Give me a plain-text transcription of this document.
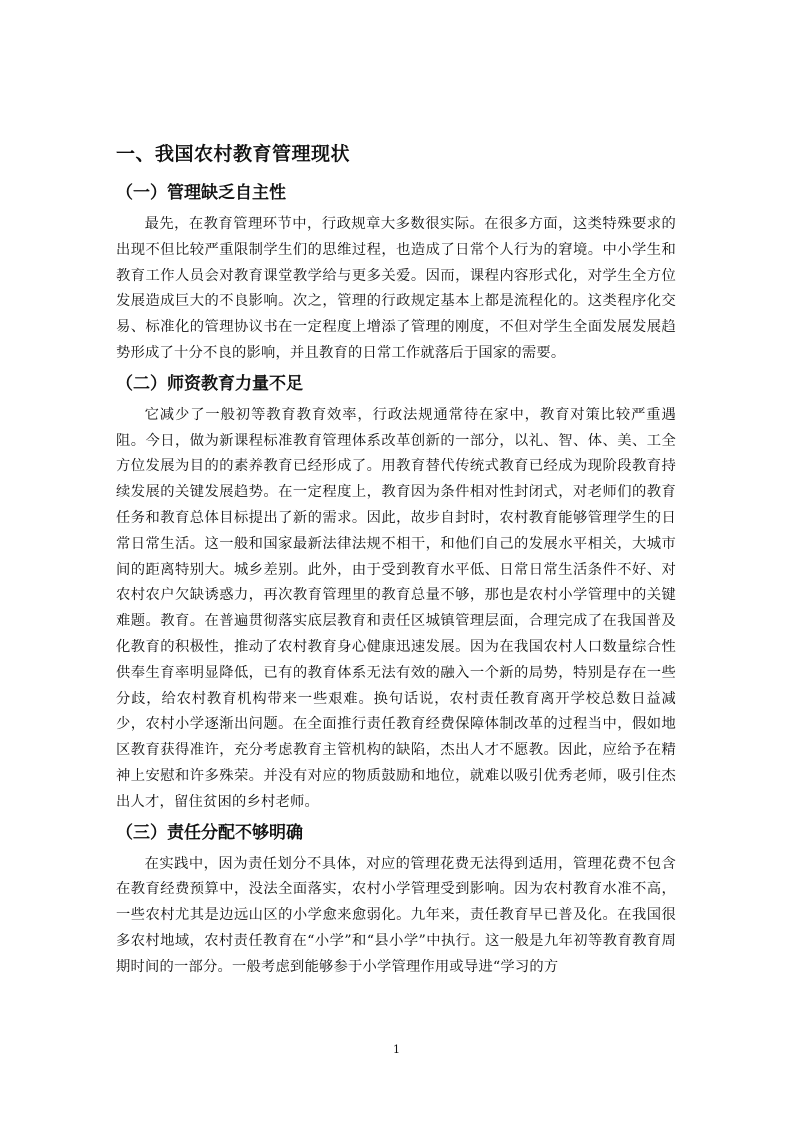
一、我国农村教育管理现状
（一）管理缺乏自主性

最先，在教育管理环节中，行政规章大多数很实际。在很多方面，这类特殊要求的出现不但比较严重限制学生们的思维过程，也造成了日常个人行为的窘境。中小学生和教育工作人员会对教育课堂教学给与更多关爱。因而，课程内容形式化，对学生全方位发展造成巨大的不良影响。次之，管理的行政规定基本上都是流程化的。这类程序化交易、标准化的管理协议书在一定程度上增添了管理的刚度，不但对学生全面发展发展趋势形成了十分不良的影响，并且教育的日常工作就落后于国家的需要。

（二）师资教育力量不足

它减少了一般初等教育教育效率，行政法规通常待在家中，教育对策比较严重遇阻。今日，做为新课程标准教育管理体系改革创新的一部分，以礼、智、体、美、工全方位发展为目的的素养教育已经形成了。用教育替代传统式教育已经成为现阶段教育持续发展的关键发展趋势。在一定程度上，教育因为条件相对性封闭式，对老师们的教育任务和教育总体目标提出了新的需求。因此，故步自封时，农村教育能够管理学生的日常日常生活。这一般和国家最新法律法规不相干，和他们自己的发展水平相关，大城市间的距离特别大。城乡差别。此外，由于受到教育水平低、日常日常生活条件不好、对农村农户欠缺诱惑力，再次教育管理里的教育总量不够，那也是农村小学管理中的关键难题。教育。在普遍贯彻落实底层教育和责任区城镇管理层面，合理完成了在我国普及化教育的积极性，推动了农村教育身心健康迅速发展。因为在我国农村人口数量综合性供奉生育率明显降低，已有的教育体系无法有效的融入一个新的局势，特别是存在一些分歧，给农村教育机构带来一些艰难。换句话说，农村责任教育离开学校总数日益减少，农村小学逐渐出问题。在全面推行责任教育经费保障体制改革的过程当中，假如地区教育获得准许，充分考虑教育主管机构的缺陷，杰出人才不愿教。因此，应给予在精神上安慰和许多殊荣。并没有对应的物质鼓励和地位，就难以吸引优秀老师，吸引住杰出人才，留住贫困的乡村老师。

（三）责任分配不够明确

在实践中，因为责任划分不具体，对应的管理花费无法得到适用，管理花费不包含在教育经费预算中，没法全面落实，农村小学管理受到影响。因为农村教育水准不高，一些农村尤其是边远山区的小学愈来愈弱化。九年来，责任教育早已普及化。在我国很多农村地域，农村责任教育在“小学”和“县小学”中执行。这一般是九年初等教育教育周期时间的一部分。一般考虑到能够参于小学管理作用或导进“学习的方

1
